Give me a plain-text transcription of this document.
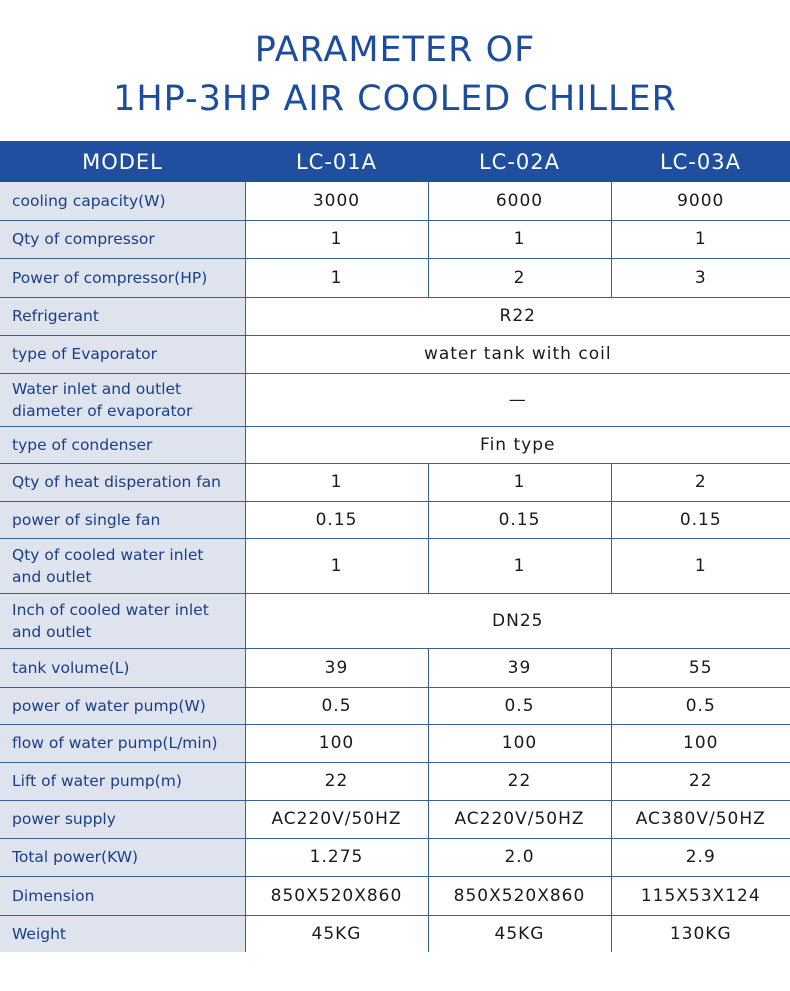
PARAMETER OF
1HP-3HP AIR COOLED CHILLER
MODEL	LC-01A	LC-02A	LC-03A
cooling capacity(W)	3000	6000	9000
Qty of compressor	1	1	1
Power of compressor(HP)	1	2	3
Refrigerant	R22		
type of Evaporator	water tank with coil		
Water inlet and outlet diameter of evaporator	—		
type of condenser	Fin type		
Qty of heat disperation fan	1	1	2
power of single fan	0.15	0.15	0.15
Qty of cooled water inlet and outlet	1	1	1
Inch of cooled water inlet and outlet	DN25		
tank volume(L)	39	39	55
power of water pump(W)	0.5	0.5	0.5
flow of water pump(L/min)	100	100	100
Lift of water pump(m)	22	22	22
power supply	AC220V/50HZ	AC220V/50HZ	AC380V/50HZ
Total power(KW)	1.275	2.0	2.9
Dimension	850X520X860	850X520X860	115X53X124
Weight	45KG	45KG	130KG
